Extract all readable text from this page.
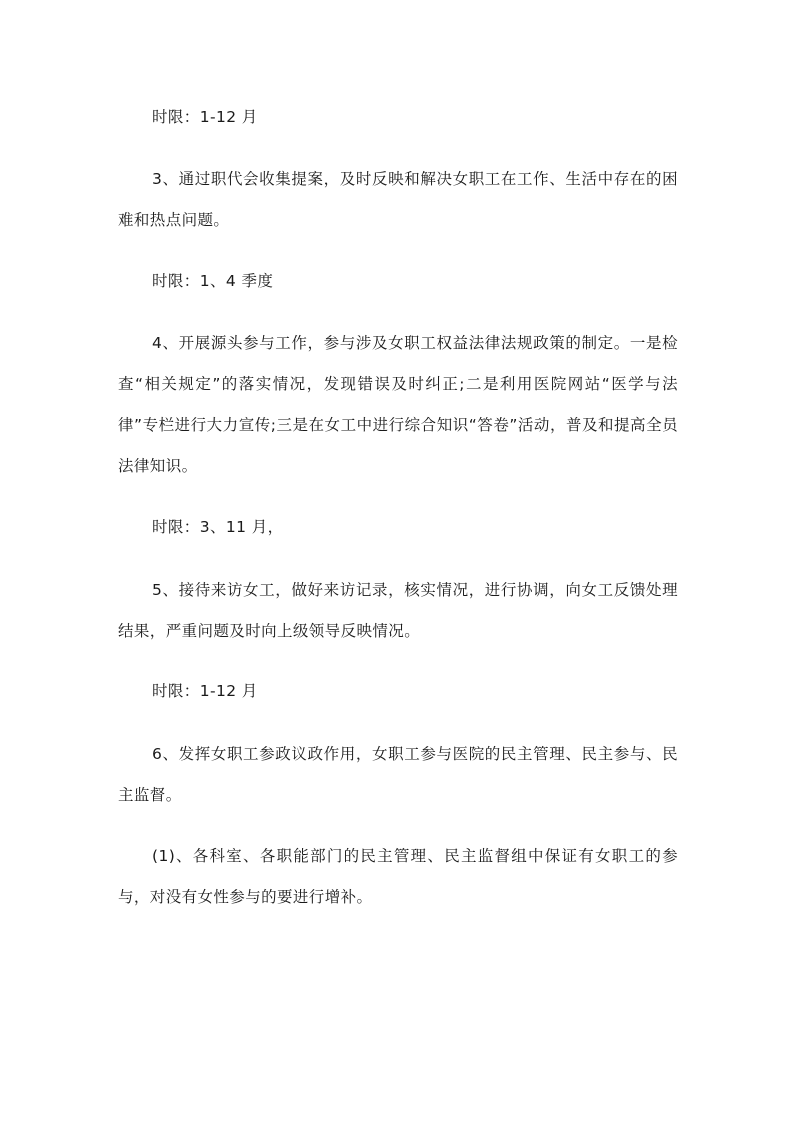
时限：1-12 月

3、通过职代会收集提案，及时反映和解决女职工在工作、生活中存在的困难和热点问题。

时限：1、4 季度

4、开展源头参与工作，参与涉及女职工权益法律法规政策的制定。一是检查“相关规定”的落实情况，发现错误及时纠正;二是利用医院网站“医学与法律”专栏进行大力宣传;三是在女工中进行综合知识“答卷”活动，普及和提高全员法律知识。

时限：3、11 月，

5、接待来访女工，做好来访记录，核实情况，进行协调，向女工反馈处理结果，严重问题及时向上级领导反映情况。

时限：1-12 月

6、发挥女职工参政议政作用，女职工参与医院的民主管理、民主参与、民主监督。

(1)、各科室、各职能部门的民主管理、民主监督组中保证有女职工的参与，对没有女性参与的要进行增补。
